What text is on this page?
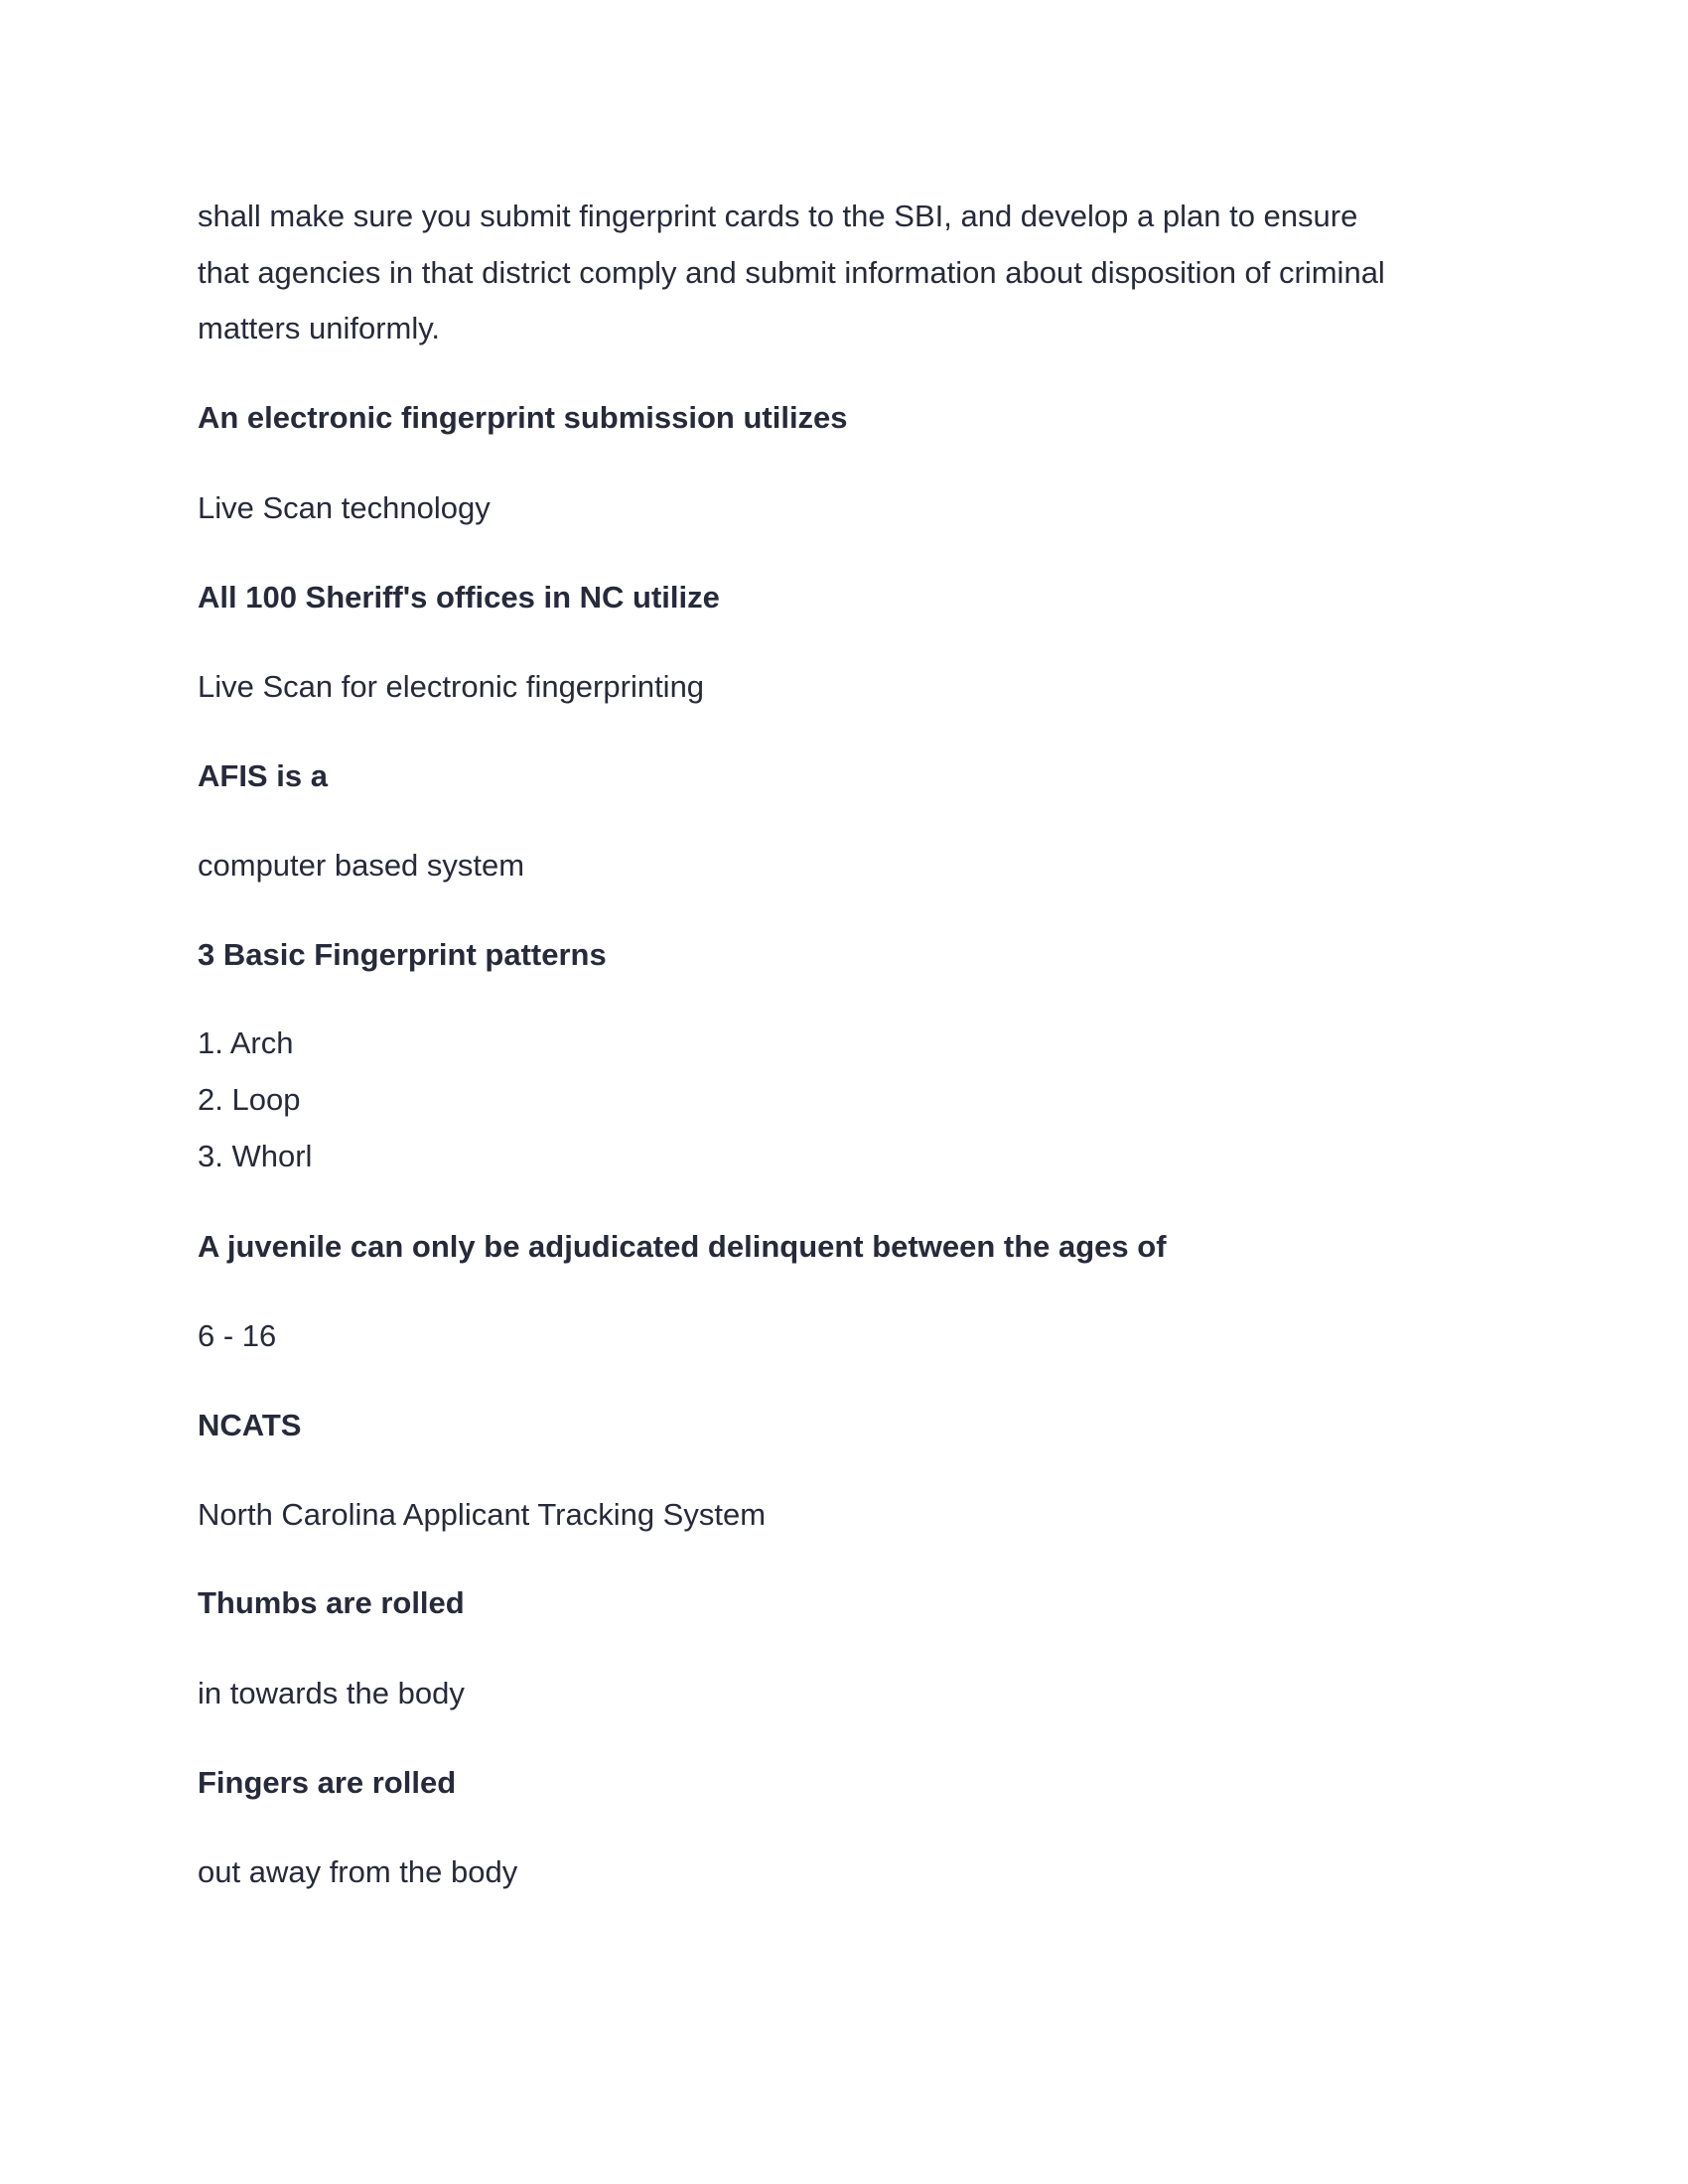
shall make sure you submit fingerprint cards to the SBI, and develop a plan to ensure
that agencies in that district comply and submit information about disposition of criminal
matters uniformly.
An electronic fingerprint submission utilizes
Live Scan technology
All 100 Sheriff's offices in NC utilize
Live Scan for electronic fingerprinting
AFIS is a
computer based system
3 Basic Fingerprint patterns
1. Arch
2. Loop
3. Whorl
A juvenile can only be adjudicated delinquent between the ages of
6 - 16
NCATS
North Carolina Applicant Tracking System
Thumbs are rolled
in towards the body
Fingers are rolled
out away from the body
